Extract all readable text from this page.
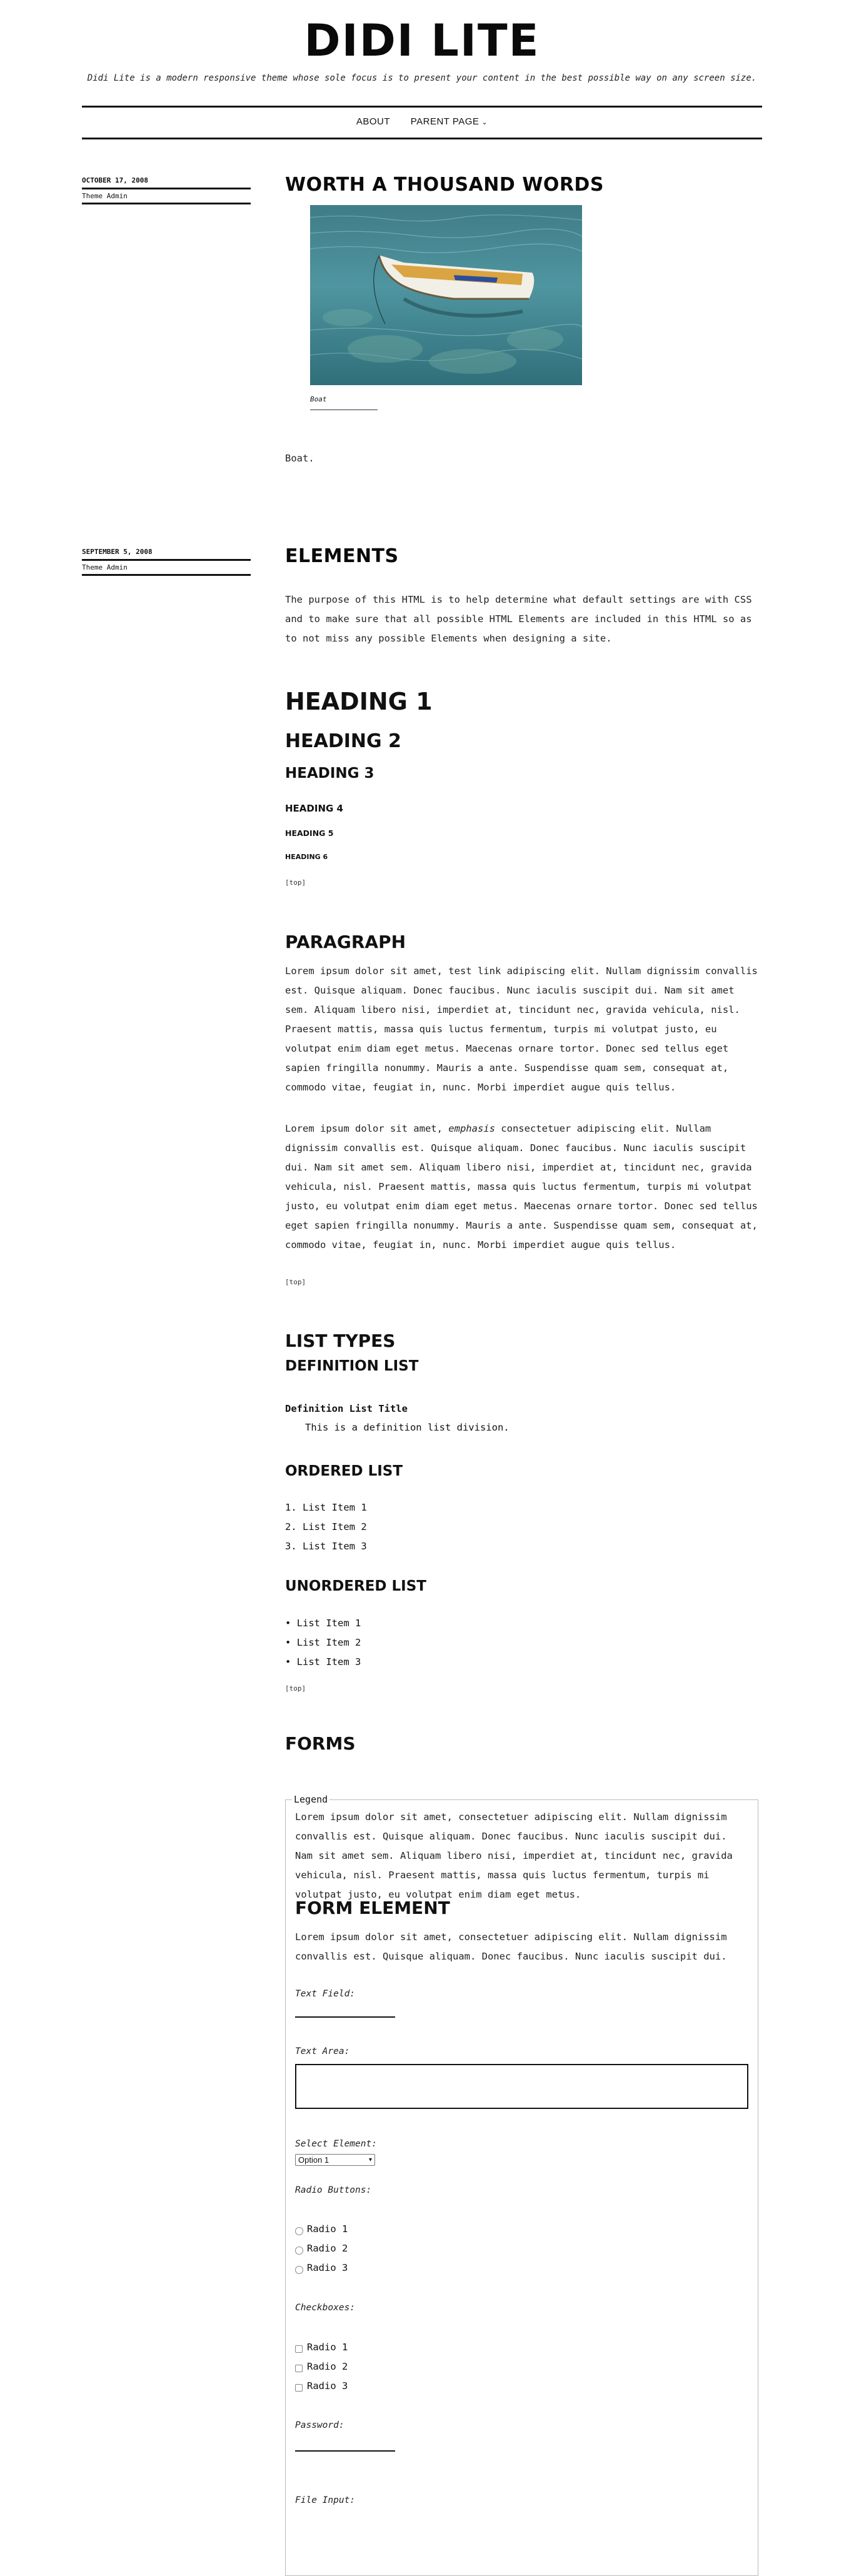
DIDI LITE

Didi Lite is a modern responsive theme whose sole focus is to present your content in the best possible way on any screen size.

ABOUT PARENT PAGE ⌄
OCTOBER 17, 2008
Theme Admin
WORTH A THOUSAND WORDS
Boat

Boat.

SEPTEMBER 5, 2008
Theme Admin
ELEMENTS

The purpose of this HTML is to help determine what default settings are with CSS and to make sure that all possible HTML Elements are included in this HTML so as to not miss any possible Elements when designing a site.

HEADING 1
HEADING 2
HEADING 3
HEADING 4
HEADING 5
HEADING 6
[top]
PARAGRAPH

Lorem ipsum dolor sit amet, test link adipiscing elit. Nullam dignissim convallis est. Quisque aliquam. Donec faucibus. Nunc iaculis suscipit dui. Nam sit amet sem. Aliquam libero nisi, imperdiet at, tincidunt nec, gravida vehicula, nisl. Praesent mattis, massa quis luctus fermentum, turpis mi volutpat justo, eu volutpat enim diam eget metus. Maecenas ornare tortor. Donec sed tellus eget sapien fringilla nonummy. Mauris a ante. Suspendisse quam sem, consequat at, commodo vitae, feugiat in, nunc. Morbi imperdiet augue quis tellus.

Lorem ipsum dolor sit amet, emphasis consectetuer adipiscing elit. Nullam dignissim convallis est. Quisque aliquam. Donec faucibus. Nunc iaculis suscipit dui. Nam sit amet sem. Aliquam libero nisi, imperdiet at, tincidunt nec, gravida vehicula, nisl. Praesent mattis, massa quis luctus fermentum, turpis mi volutpat justo, eu volutpat enim diam eget metus. Maecenas ornare tortor. Donec sed tellus eget sapien fringilla nonummy. Mauris a ante. Suspendisse quam sem, consequat at, commodo vitae, feugiat in, nunc. Morbi imperdiet augue quis tellus.

[top]
LIST TYPES
DEFINITION LIST
Definition List Title
This is a definition list division.
ORDERED LIST
1. List Item 1
2. List Item 2
3. List Item 3
UNORDERED LIST
• List Item 1
• List Item 2
• List Item 3
[top]
FORMS
Legend

Lorem ipsum dolor sit amet, consectetuer adipiscing elit. Nullam dignissim convallis est. Quisque aliquam. Donec faucibus. Nunc iaculis suscipit dui. Nam sit amet sem. Aliquam libero nisi, imperdiet at, tincidunt nec, gravida vehicula, nisl. Praesent mattis, massa quis luctus fermentum, turpis mi volutpat justo, eu volutpat enim diam eget metus.

FORM ELEMENT

Lorem ipsum dolor sit amet, consectetuer adipiscing elit. Nullam dignissim convallis est. Quisque aliquam. Donec faucibus. Nunc iaculis suscipit dui.

Text Field:
Text Area:
Select Element:
Option 1	▾
Radio Buttons:
Radio 1
Radio 2
Radio 3
Checkboxes:
Radio 1
Radio 2
Radio 3
Password:
File Input:
